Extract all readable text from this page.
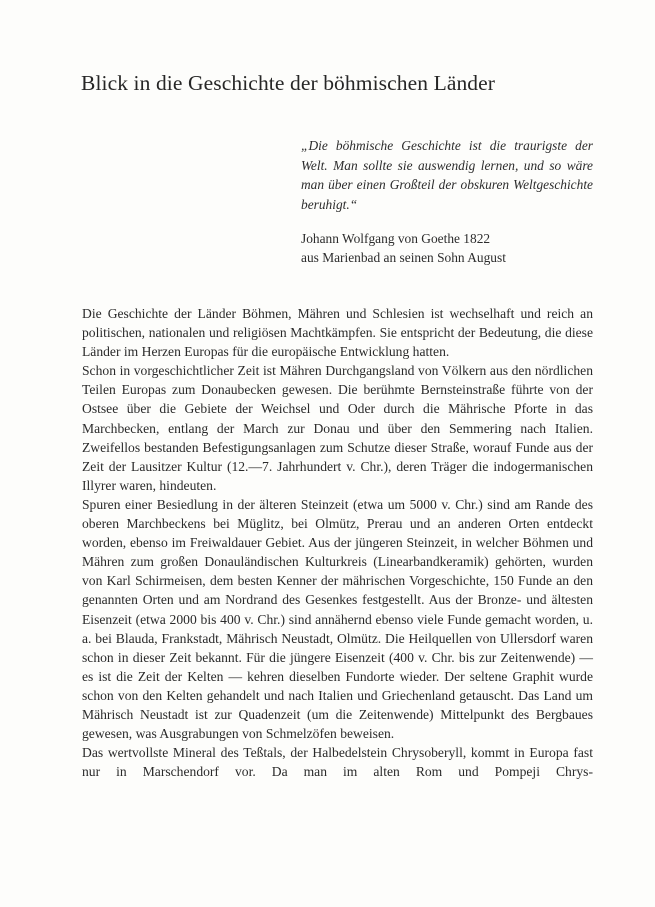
Blick in die Geschichte der böhmischen Länder

„Die böhmische Geschichte ist die traurigste der Welt. Man sollte sie auswendig lernen, und so wäre man über einen Großteil der obskuren Weltgeschichte beruhigt.“

Johann Wolfgang von Goethe 1822
aus Marienbad an seinen Sohn August

Die Geschichte der Länder Böhmen, Mähren und Schlesien ist wechselhaft und reich an politischen, nationalen und religiösen Machtkämpfen. Sie entspricht der Bedeutung, die diese Länder im Herzen Europas für die europäische Entwicklung hatten.

Schon in vorgeschichtlicher Zeit ist Mähren Durchgangsland von Völkern aus den nördlichen Teilen Europas zum Donaubecken gewesen. Die berühmte Bernsteinstraße führte von der Ostsee über die Gebiete der Weichsel und Oder durch die Mährische Pforte in das Marchbecken, entlang der March zur Donau und über den Semmering nach Italien. Zweifellos bestanden Befestigungsanlagen zum Schutze dieser Straße, worauf Funde aus der Zeit der Lausitzer Kultur (12.—7. Jahrhundert v. Chr.), deren Träger die indogermanischen Illyrer waren, hindeuten.

Spuren einer Besiedlung in der älteren Steinzeit (etwa um 5000 v. Chr.) sind am Rande des oberen Marchbeckens bei Müglitz, bei Olmütz, Prerau und an anderen Orten entdeckt worden, ebenso im Freiwaldauer Gebiet. Aus der jüngeren Steinzeit, in welcher Böhmen und Mähren zum großen Donauländischen Kulturkreis (Linearbandkeramik) gehörten, wurden von Karl Schirmeisen, dem besten Kenner der mährischen Vorgeschichte, 150 Funde an den genannten Orten und am Nordrand des Gesenkes festgestellt. Aus der Bronze- und ältesten Eisenzeit (etwa 2000 bis 400 v. Chr.) sind annähernd ebenso viele Funde gemacht worden, u. a. bei Blauda, Frankstadt, Mährisch Neustadt, Olmütz. Die Heilquellen von Ullersdorf waren schon in dieser Zeit bekannt. Für die jüngere Eisenzeit (400 v. Chr. bis zur Zeitenwende) — es ist die Zeit der Kelten — kehren dieselben Fundorte wieder. Der seltene Graphit wurde schon von den Kelten gehandelt und nach Italien und Griechenland getauscht. Das Land um Mährisch Neustadt ist zur Quadenzeit (um die Zeitenwende) Mittelpunkt des Bergbaues gewesen, was Ausgrabungen von Schmelzöfen beweisen.

Das wertvollste Mineral des Teßtals, der Halbedelstein Chrysoberyll, kommt in Europa fast nur in Marschendorf vor. Da man im alten Rom und Pompeji Chrys-
